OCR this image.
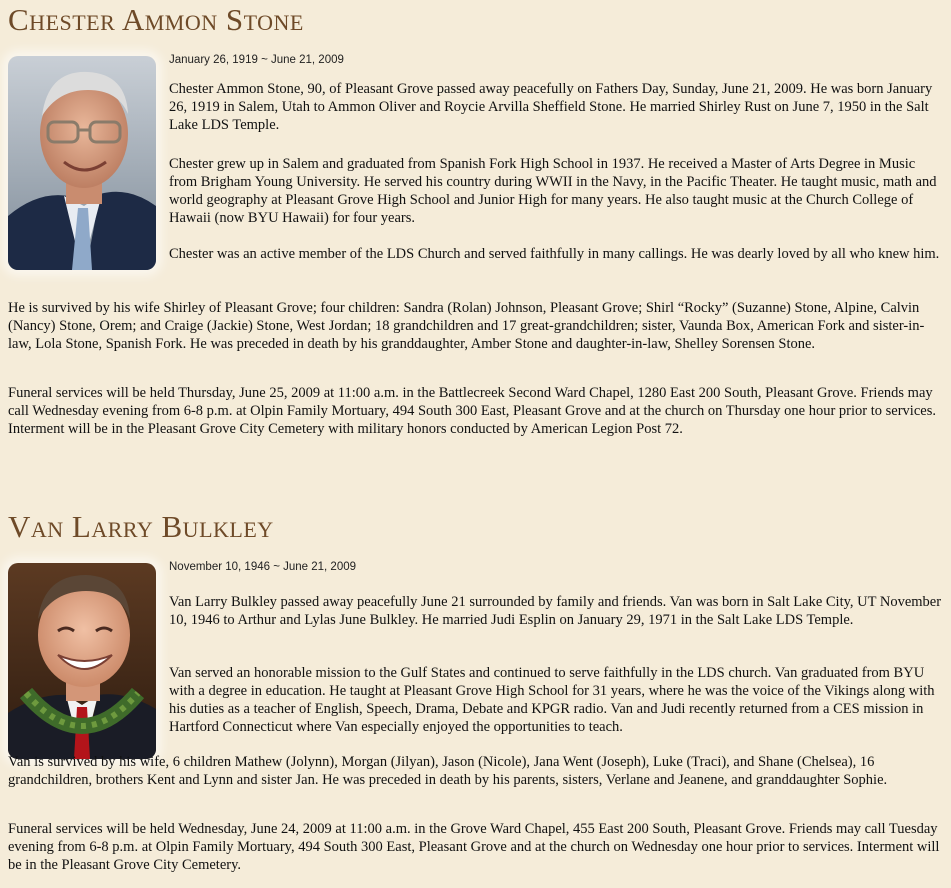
Chester Ammon Stone
January 26, 1919 ~ June 21, 2009

Chester Ammon Stone, 90, of Pleasant Grove passed away peacefully on Fathers Day, Sunday, June 21, 2009. He was born January 26, 1919 in Salem, Utah to Ammon Oliver and Roycie Arvilla Sheffield Stone. He married Shirley Rust on June 7, 1950 in the Salt Lake LDS Temple.

Chester grew up in Salem and graduated from Spanish Fork High School in 1937. He received a Master of Arts Degree in Music from Brigham Young University. He served his country during WWII in the Navy, in the Pacific Theater. He taught music, math and world geography at Pleasant Grove High School and Junior High for many years. He also taught music at the Church College of Hawaii (now BYU Hawaii) for four years.

Chester was an active member of the LDS Church and served faithfully in many callings. He was dearly loved by all who knew him.

He is survived by his wife Shirley of Pleasant Grove; four children: Sandra (Rolan) Johnson, Pleasant Grove; Shirl “Rocky” (Suzanne) Stone, Alpine, Calvin (Nancy) Stone, Orem; and Craige (Jackie) Stone, West Jordan; 18 grandchildren and 17 great-grandchildren; sister, Vaunda Box, American Fork and sister-in-law, Lola Stone, Spanish Fork. He was preceded in death by his granddaughter, Amber Stone and daughter-in-law, Shelley Sorensen Stone.

Funeral services will be held Thursday, June 25, 2009 at 11:00 a.m. in the Battlecreek Second Ward Chapel, 1280 East 200 South, Pleasant Grove. Friends may call Wednesday evening from 6-8 p.m. at Olpin Family Mortuary, 494 South 300 East, Pleasant Grove and at the church on Thursday one hour prior to services. Interment will be in the Pleasant Grove City Cemetery with military honors conducted by American Legion Post 72.

Van Larry Bulkley
November 10, 1946 ~ June 21, 2009

Van Larry Bulkley passed away peacefully June 21 surrounded by family and friends. Van was born in Salt Lake City, UT November 10, 1946 to Arthur and Lylas June Bulkley. He married Judi Esplin on January 29, 1971 in the Salt Lake LDS Temple.

Van served an honorable mission to the Gulf States and continued to serve faithfully in the LDS church. Van graduated from BYU with a degree in education. He taught at Pleasant Grove High School for 31 years, where he was the voice of the Vikings along with his duties as a teacher of English, Speech, Drama, Debate and KPGR radio. Van and Judi recently returned from a CES mission in Hartford Connecticut where Van especially enjoyed the opportunities to teach.

Van is survived by his wife, 6 children Mathew (Jolynn), Morgan (Jilyan), Jason (Nicole), Jana Went (Joseph), Luke (Traci), and Shane (Chelsea), 16 grandchildren, brothers Kent and Lynn and sister Jan. He was preceded in death by his parents, sisters, Verlane and Jeanene, and granddaughter Sophie.

Funeral services will be held Wednesday, June 24, 2009 at 11:00 a.m. in the Grove Ward Chapel, 455 East 200 South, Pleasant Grove. Friends may call Tuesday evening from 6-8 p.m. at Olpin Family Mortuary, 494 South 300 East, Pleasant Grove and at the church on Wednesday one hour prior to services. Interment will be in the Pleasant Grove City Cemetery.
